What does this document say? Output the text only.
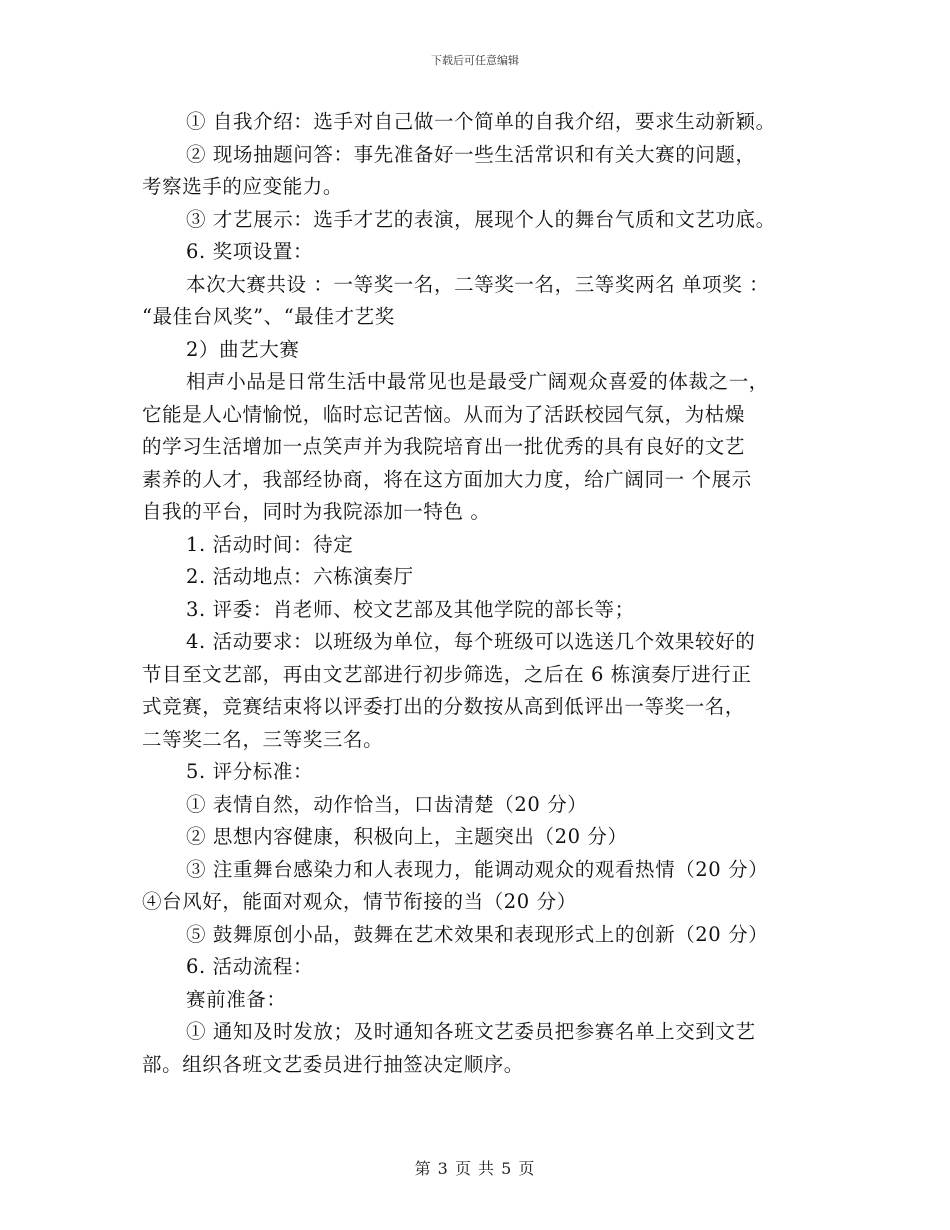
下载后可任意编辑
① 自我介绍：选手对自己做一个简单的自我介绍，要求生动新颖。
② 现场抽题问答：事先准备好一些生活常识和有关大赛的问题，
考察选手的应变能力。
③ 才艺展示：选手才艺的表演，展现个人的舞台气质和文艺功底。
6. 奖项设置：
本次大赛共设 ：一等奖一名，二等奖一名，三等奖两名 单项奖 ：
“最佳台风奖”、“最佳才艺奖
2）曲艺大赛
相声小品是日常生活中最常见也是最受广阔观众喜爱的体裁之一，
它能是人心情愉悦，临时忘记苦恼。从而为了活跃校园气氛，为枯燥
的学习生活增加一点笑声并为我院培育出一批优秀的具有良好的文艺
素养的人才，我部经协商，将在这方面加大力度，给广阔同一 个展示
自我的平台，同时为我院添加一特色 。
1. 活动时间：待定
2. 活动地点：六栋演奏厅
3. 评委：肖老师、校文艺部及其他学院的部长等；
4. 活动要求：以班级为单位，每个班级可以选送几个效果较好的
节目至文艺部，再由文艺部进行初步筛选，之后在 6 栋演奏厅进行正
式竞赛，竞赛结束将以评委打出的分数按从高到低评出一等奖一名，
二等奖二名，三等奖三名。
5. 评分标准：
① 表情自然，动作恰当，口齿清楚（20 分）
② 思想内容健康，积极向上，主题突出（20 分）
③ 注重舞台感染力和人表现力，能调动观众的观看热情（20 分）
④台风好，能面对观众，情节衔接的当（20 分）
⑤ 鼓舞原创小品，鼓舞在艺术效果和表现形式上的创新（20 分）
6. 活动流程：
赛前准备：
① 通知及时发放；及时通知各班文艺委员把参赛名单上交到文艺
部。组织各班文艺委员进行抽签决定顺序。
第 3 页 共 5 页
